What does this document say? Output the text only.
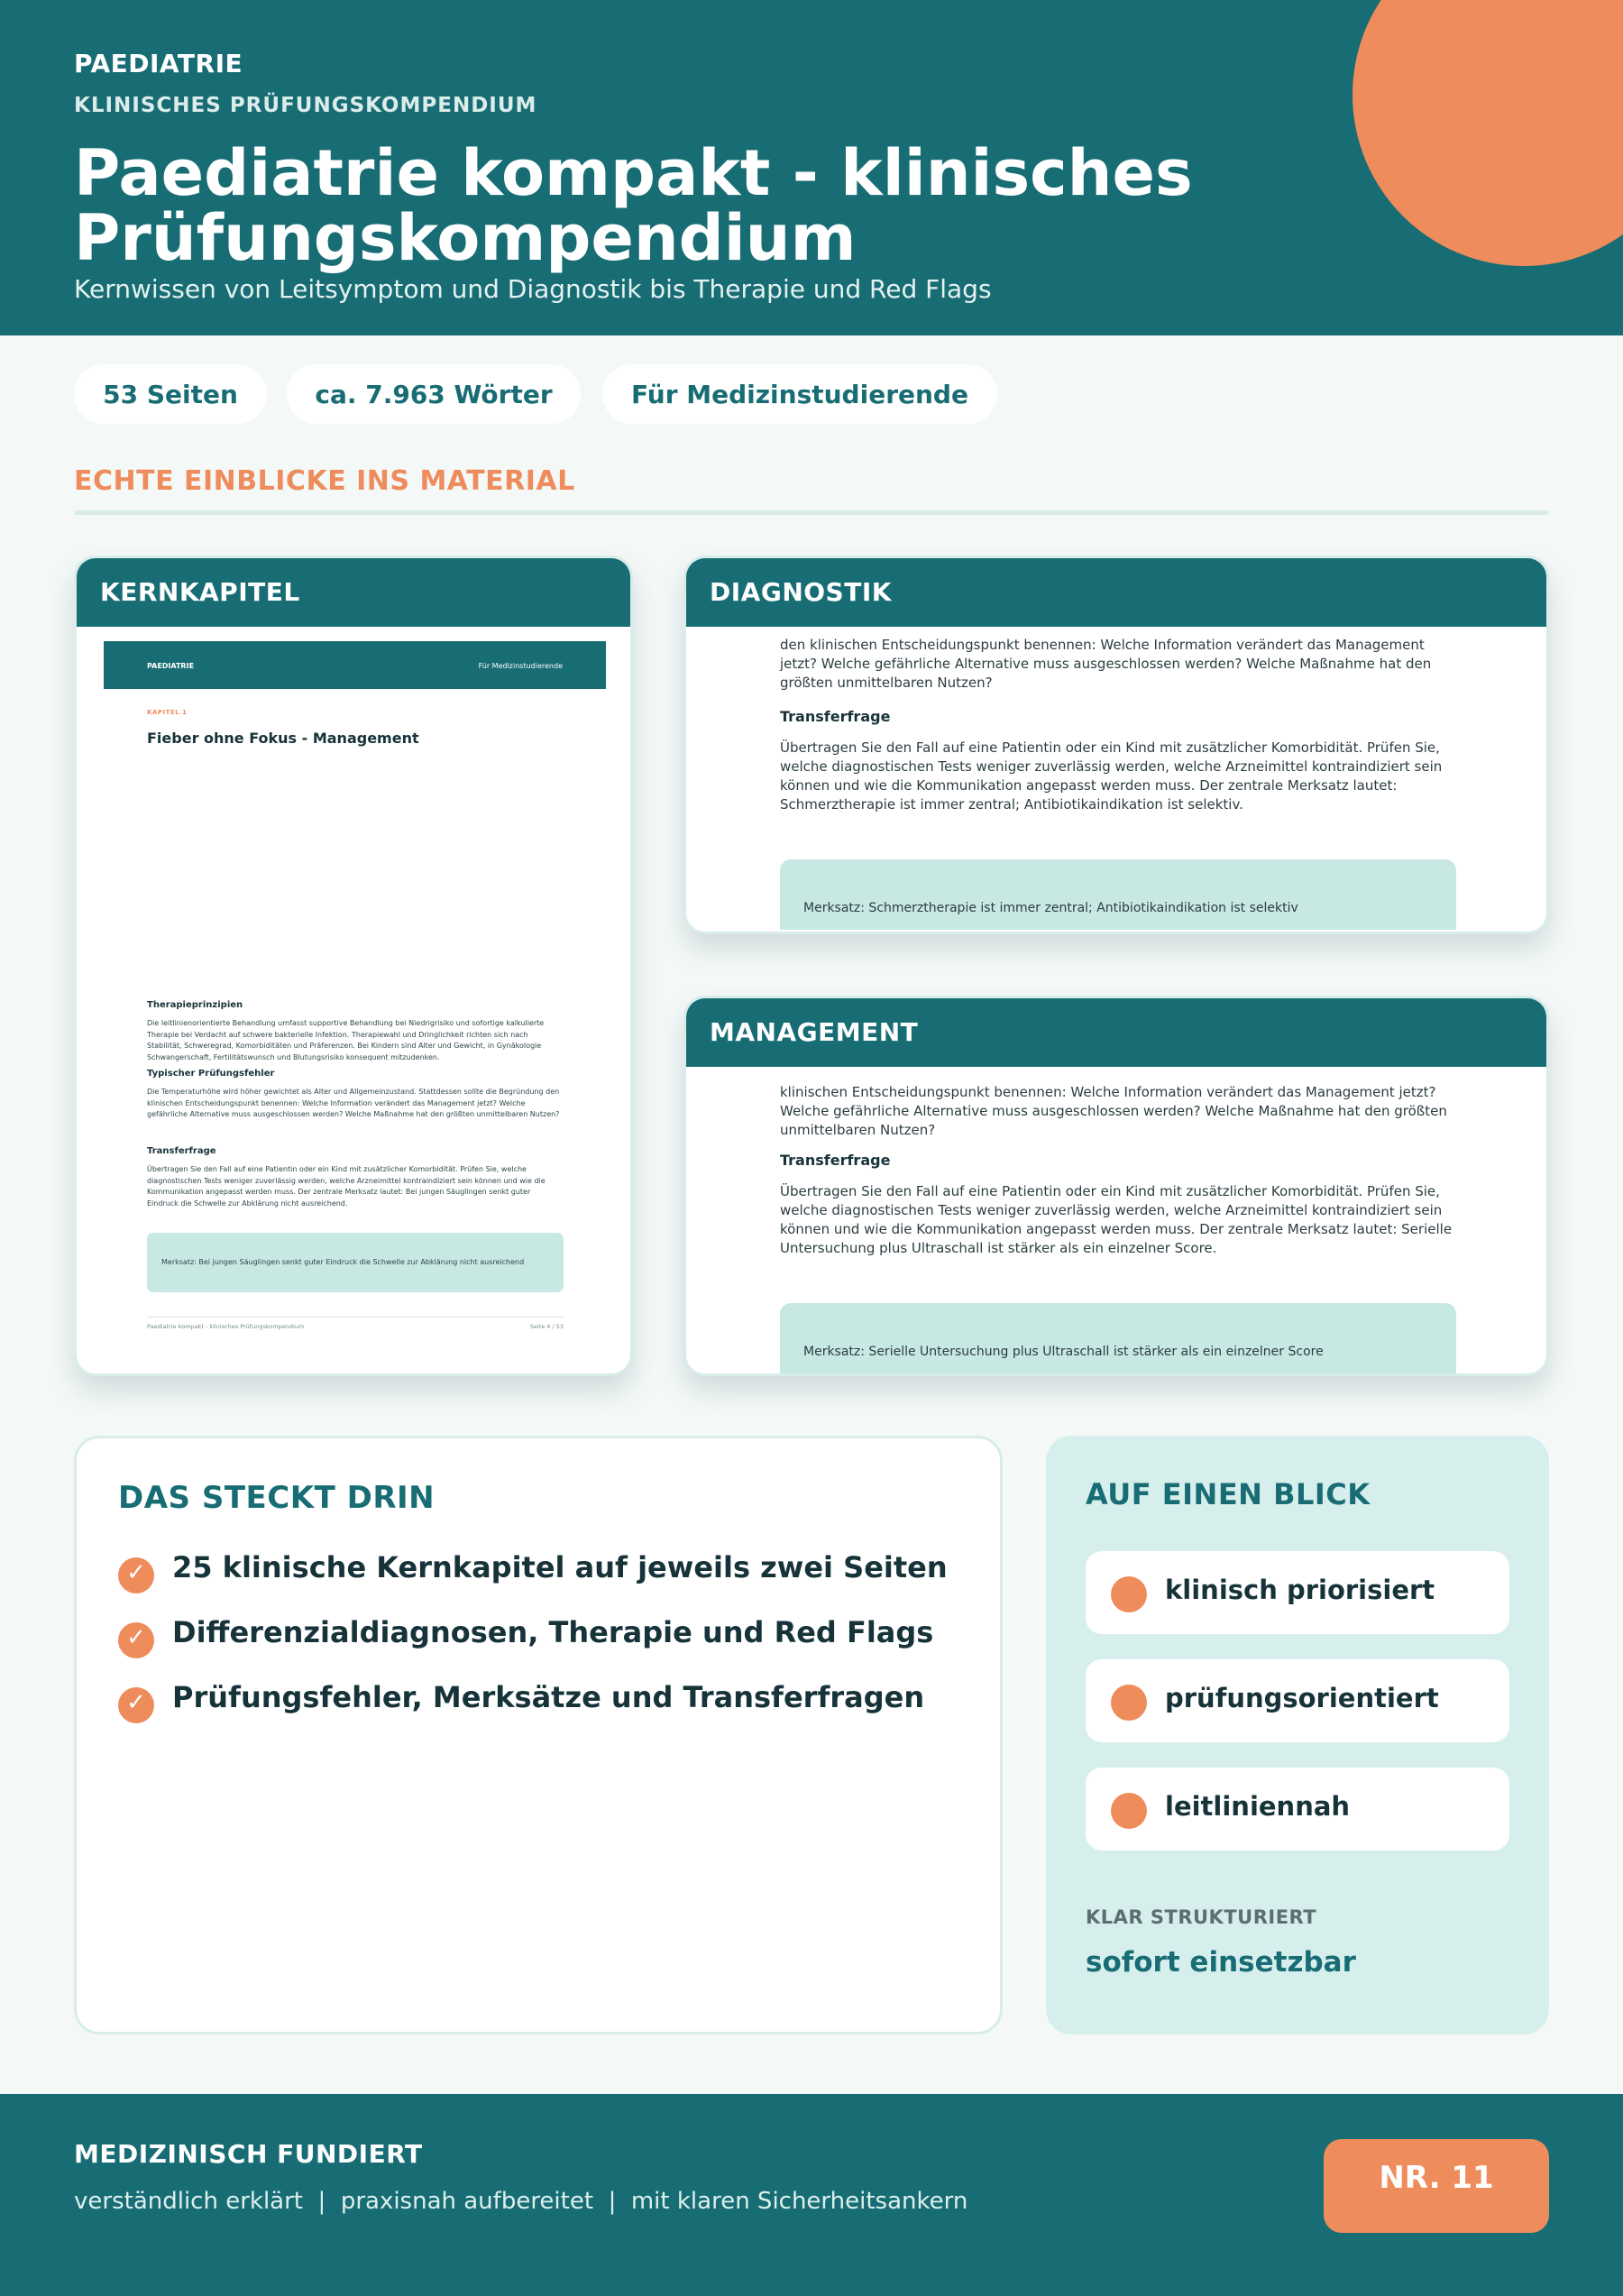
PAEDIATRIE
KLINISCHES PRÜFUNGSKOMPENDIUM
Paediatrie kompakt - klinisches Prüfungskompendium
Kernwissen von Leitsymptom und Diagnostik bis Therapie und Red Flags
53 Seiten	ca. 7.963 Wörter	Für Medizinstudierende
ECHTE EINBLICKE INS MATERIAL
KERNKAPITEL
PAEDIATRIE	Für Medizinstudierende
KAPITEL 1
Fieber ohne Fokus - Management
Therapieprinzipien
Die leitlinienorientierte Behandlung umfasst supportive Behandlung bei Niedrigrisiko und sofortige kalkulierte Therapie bei Verdacht auf schwere bakterielle Infektion. Therapiewahl und Dringlichkeit richten sich nach Stabilität, Schweregrad, Komorbiditäten und Präferenzen. Bei Kindern sind Alter und Gewicht, in Gynäkologie Schwangerschaft, Fertilitätswunsch und Blutungsrisiko konsequent mitzudenken.
Typischer Prüfungsfehler
Die Temperaturhöhe wird höher gewichtet als Alter und Allgemeinzustand. Stattdessen sollte die Begründung den klinischen Entscheidungspunkt benennen: Welche Information verändert das Management jetzt? Welche gefährliche Alternative muss ausgeschlossen werden? Welche Maßnahme hat den größten unmittelbaren Nutzen?
Transferfrage
Übertragen Sie den Fall auf eine Patientin oder ein Kind mit zusätzlicher Komorbidität. Prüfen Sie, welche diagnostischen Tests weniger zuverlässig werden, welche Arzneimittel kontraindiziert sein können und wie die Kommunikation angepasst werden muss. Der zentrale Merksatz lautet: Bei jungen Säuglingen senkt guter Eindruck die Schwelle zur Abklärung nicht ausreichend.
Merksatz: Bei jungen Säuglingen senkt guter Eindruck die Schwelle zur Abklärung nicht ausreichend
Paediatrie kompakt - klinisches Prüfungskompendium	Seite 4 / 53
DIAGNOSTIK
den klinischen Entscheidungspunkt benennen: Welche Information verändert das Management jetzt? Welche gefährliche Alternative muss ausgeschlossen werden? Welche Maßnahme hat den größten unmittelbaren Nutzen?
Transferfrage
Übertragen Sie den Fall auf eine Patientin oder ein Kind mit zusätzlicher Komorbidität. Prüfen Sie, welche diagnostischen Tests weniger zuverlässig werden, welche Arzneimittel kontraindiziert sein können und wie die Kommunikation angepasst werden muss. Der zentrale Merksatz lautet: Schmerztherapie ist immer zentral; Antibiotikaindikation ist selektiv.
Merksatz: Schmerztherapie ist immer zentral; Antibiotikaindikation ist selektiv
MANAGEMENT
klinischen Entscheidungspunkt benennen: Welche Information verändert das Management jetzt? Welche gefährliche Alternative muss ausgeschlossen werden? Welche Maßnahme hat den größten unmittelbaren Nutzen?
Transferfrage
Übertragen Sie den Fall auf eine Patientin oder ein Kind mit zusätzlicher Komorbidität. Prüfen Sie, welche diagnostischen Tests weniger zuverlässig werden, welche Arzneimittel kontraindiziert sein können und wie die Kommunikation angepasst werden muss. Der zentrale Merksatz lautet: Serielle Untersuchung plus Ultraschall ist stärker als ein einzelner Score.
Merksatz: Serielle Untersuchung plus Ultraschall ist stärker als ein einzelner Score
DAS STECKT DRIN
✓ 25 klinische Kernkapitel auf jeweils zwei Seiten
✓ Differenzialdiagnosen, Therapie und Red Flags
✓ Prüfungsfehler, Merksätze und Transferfragen
AUF EINEN BLICK
klinisch priorisiert
prüfungsorientiert
leitliniennah
KLAR STRUKTURIERT
sofort einsetzbar
MEDIZINISCH FUNDIERT
verständlich erklärt  |  praxisnah aufbereitet  |  mit klaren Sicherheitsankern
NR. 11
